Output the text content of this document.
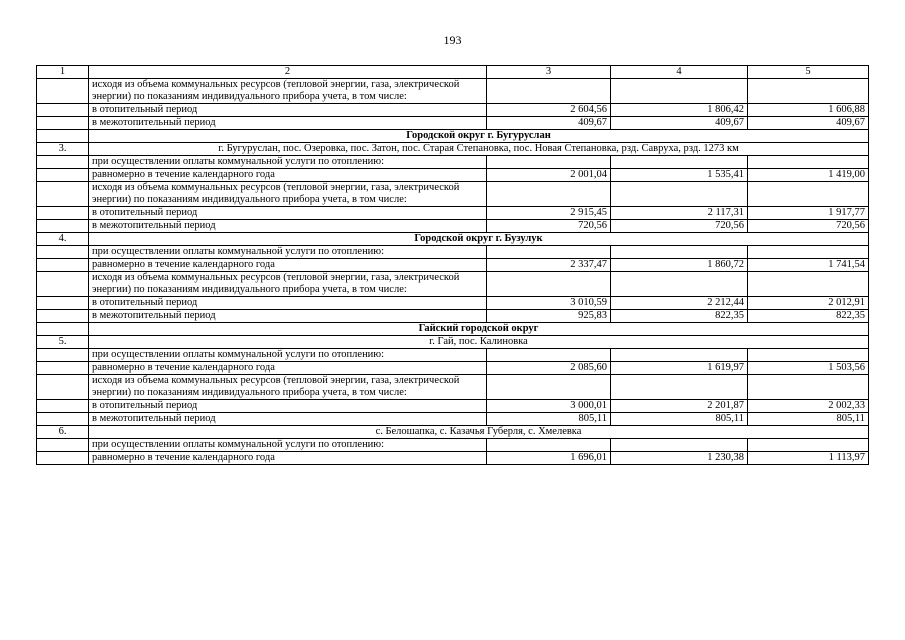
193
1	2	3	4	5
	исходя из объема коммунальных ресурсов (тепловой энергии, газа, электрической энергии) по показаниям индивидуального прибора учета, в том числе:			
	в отопительный период	2 604,56	1 806,42	1 606,88
	в межотопительный период	409,67	409,67	409,67
	Городской округ г. Бугуруслан			
3.	г. Бугуруслан, пос. Озеровка, пос. Затон, пос. Старая Степановка, пос. Новая Степановка, рзд. Савруха, рзд. 1273 км			
	при осуществлении оплаты коммунальной услуги по отоплению:			
	равномерно в течение календарного года	2 001,04	1 535,41	1 419,00
	исходя из объема коммунальных ресурсов (тепловой энергии, газа, электрической энергии) по показаниям индивидуального прибора учета, в том числе:			
	в отопительный период	2 915,45	2 117,31	1 917,77
	в межотопительный период	720,56	720,56	720,56
4.	Городской округ г. Бузулук			
	при осуществлении оплаты коммунальной услуги по отоплению:			
	равномерно в течение календарного года	2 337,47	1 860,72	1 741,54
	исходя из объема коммунальных ресурсов (тепловой энергии, газа, электрической энергии) по показаниям индивидуального прибора учета, в том числе:			
	в отопительный период	3 010,59	2 212,44	2 012,91
	в межотопительный период	925,83	822,35	822,35
	Гайский городской округ			
5.	г. Гай, пос. Калиновка			
	при осуществлении оплаты коммунальной услуги по отоплению:			
	равномерно в течение календарного года	2 085,60	1 619,97	1 503,56
	исходя из объема коммунальных ресурсов (тепловой энергии, газа, электрической энергии) по показаниям индивидуального прибора учета, в том числе:			
	в отопительный период	3 000,01	2 201,87	2 002,33
	в межотопительный период	805,11	805,11	805,11
6.	с. Белошапка, с. Казачья Губерля, с. Хмелевка			
	при осуществлении оплаты коммунальной услуги по отоплению:			
	равномерно в течение календарного года	1 696,01	1 230,38	1 113,97
